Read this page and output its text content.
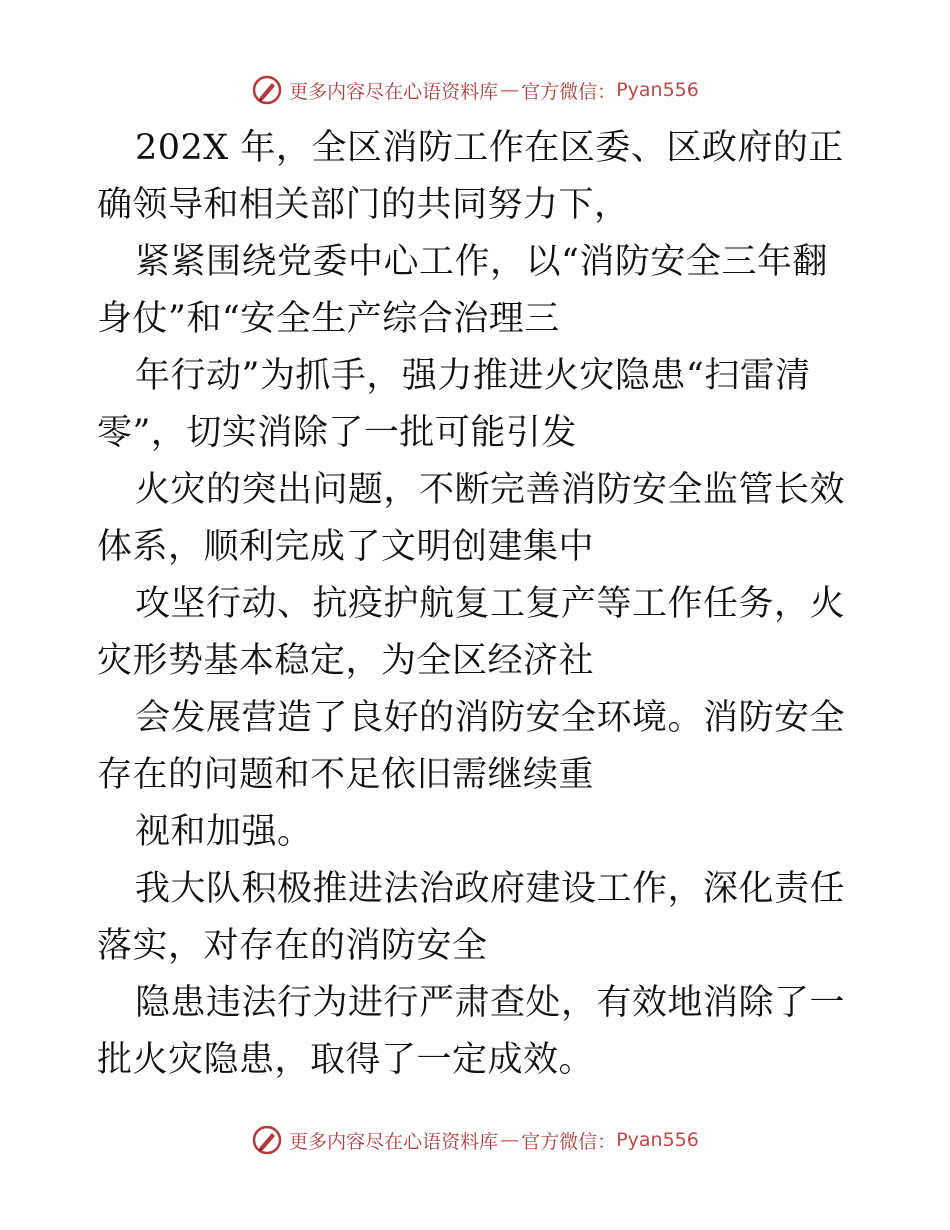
更多内容尽在心语资料库 — 官方微信： Pyan556

202X 年，全区消防工作在区委、区政府的正确领导和相关部门的共同努力下，

紧紧围绕党委中心工作，以“消防安全三年翻身仗”和“安全生产综合治理三

年行动”为抓手，强力推进火灾隐患“扫雷清零”，切实消除了一批可能引发

火灾的突出问题，不断完善消防安全监管长效体系，顺利完成了文明创建集中

攻坚行动、抗疫护航复工复产等工作任务，火灾形势基本稳定，为全区经济社

会发展营造了良好的消防安全环境。消防安全存在的问题和不足依旧需继续重

视和加强。

我大队积极推进法治政府建设工作，深化责任落实，对存在的消防安全

隐患违法行为进行严肃查处，有效地消除了一批火灾隐患，取得了一定成效。

更多内容尽在心语资料库 — 官方微信： Pyan556
